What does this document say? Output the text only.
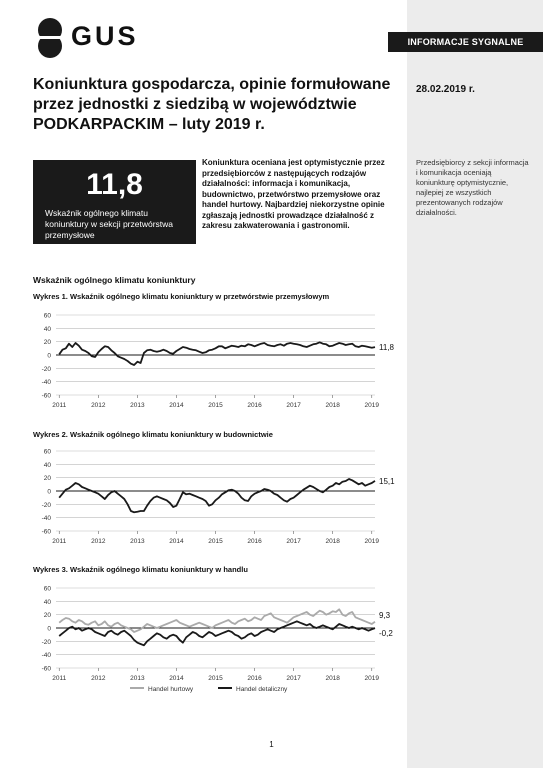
GUS	INFORMACJE SYGNALNE
28.02.2019 r.
Koniunktura gospodarcza, opinie formułowane przez jednostki z siedzibą w województwie PODKARPACKIM – luty 2019 r.
11,8
Wskaźnik ogólnego klimatu koniunktury w sekcji przetwórstwa przemysłowe
Koniunktura oceniana jest optymistycznie przez przedsiębiorców z następujących rodzajów działalności: informacja i komunikacja, budownictwo, przetwórstwo przemysłowe oraz handel hurtowy. Najbardziej niekorzystne opinie zgłaszają jednostki prowadzące działalność z zakresu zakwaterowania i gastronomii.
Przedsiębiorcy z sekcji informacja i komunikacja oceniają koniunkturę optymistycznie, najlepiej ze wszystkich prezentowanych rodzajów działalności.
Wskaźnik ogólnego klimatu koniunktury
Wykres 1. Wskaźnik ogólnego klimatu koniunktury w przetwórstwie przemysłowym
-60
-40
-20
0
20
40
60
2011	2012	2013	2014	2015	2016	2017	2018	2019
11,8
Wykres 2. Wskaźnik ogólnego klimatu koniunktury w budownictwie
-60
-40
-20
0
20
40
60
2011	2012	2013	2014	2015	2016	2017	2018	2019
15,1
Wykres 3. Wskaźnik ogólnego klimatu koniunktury w handlu
-60
-40
-20
0
20
40
60
2011	2012	2013	2014	2015	2016	2017	2018	2019
9,3
-0,2
Handel hurtowy	Handel detaliczny
1
